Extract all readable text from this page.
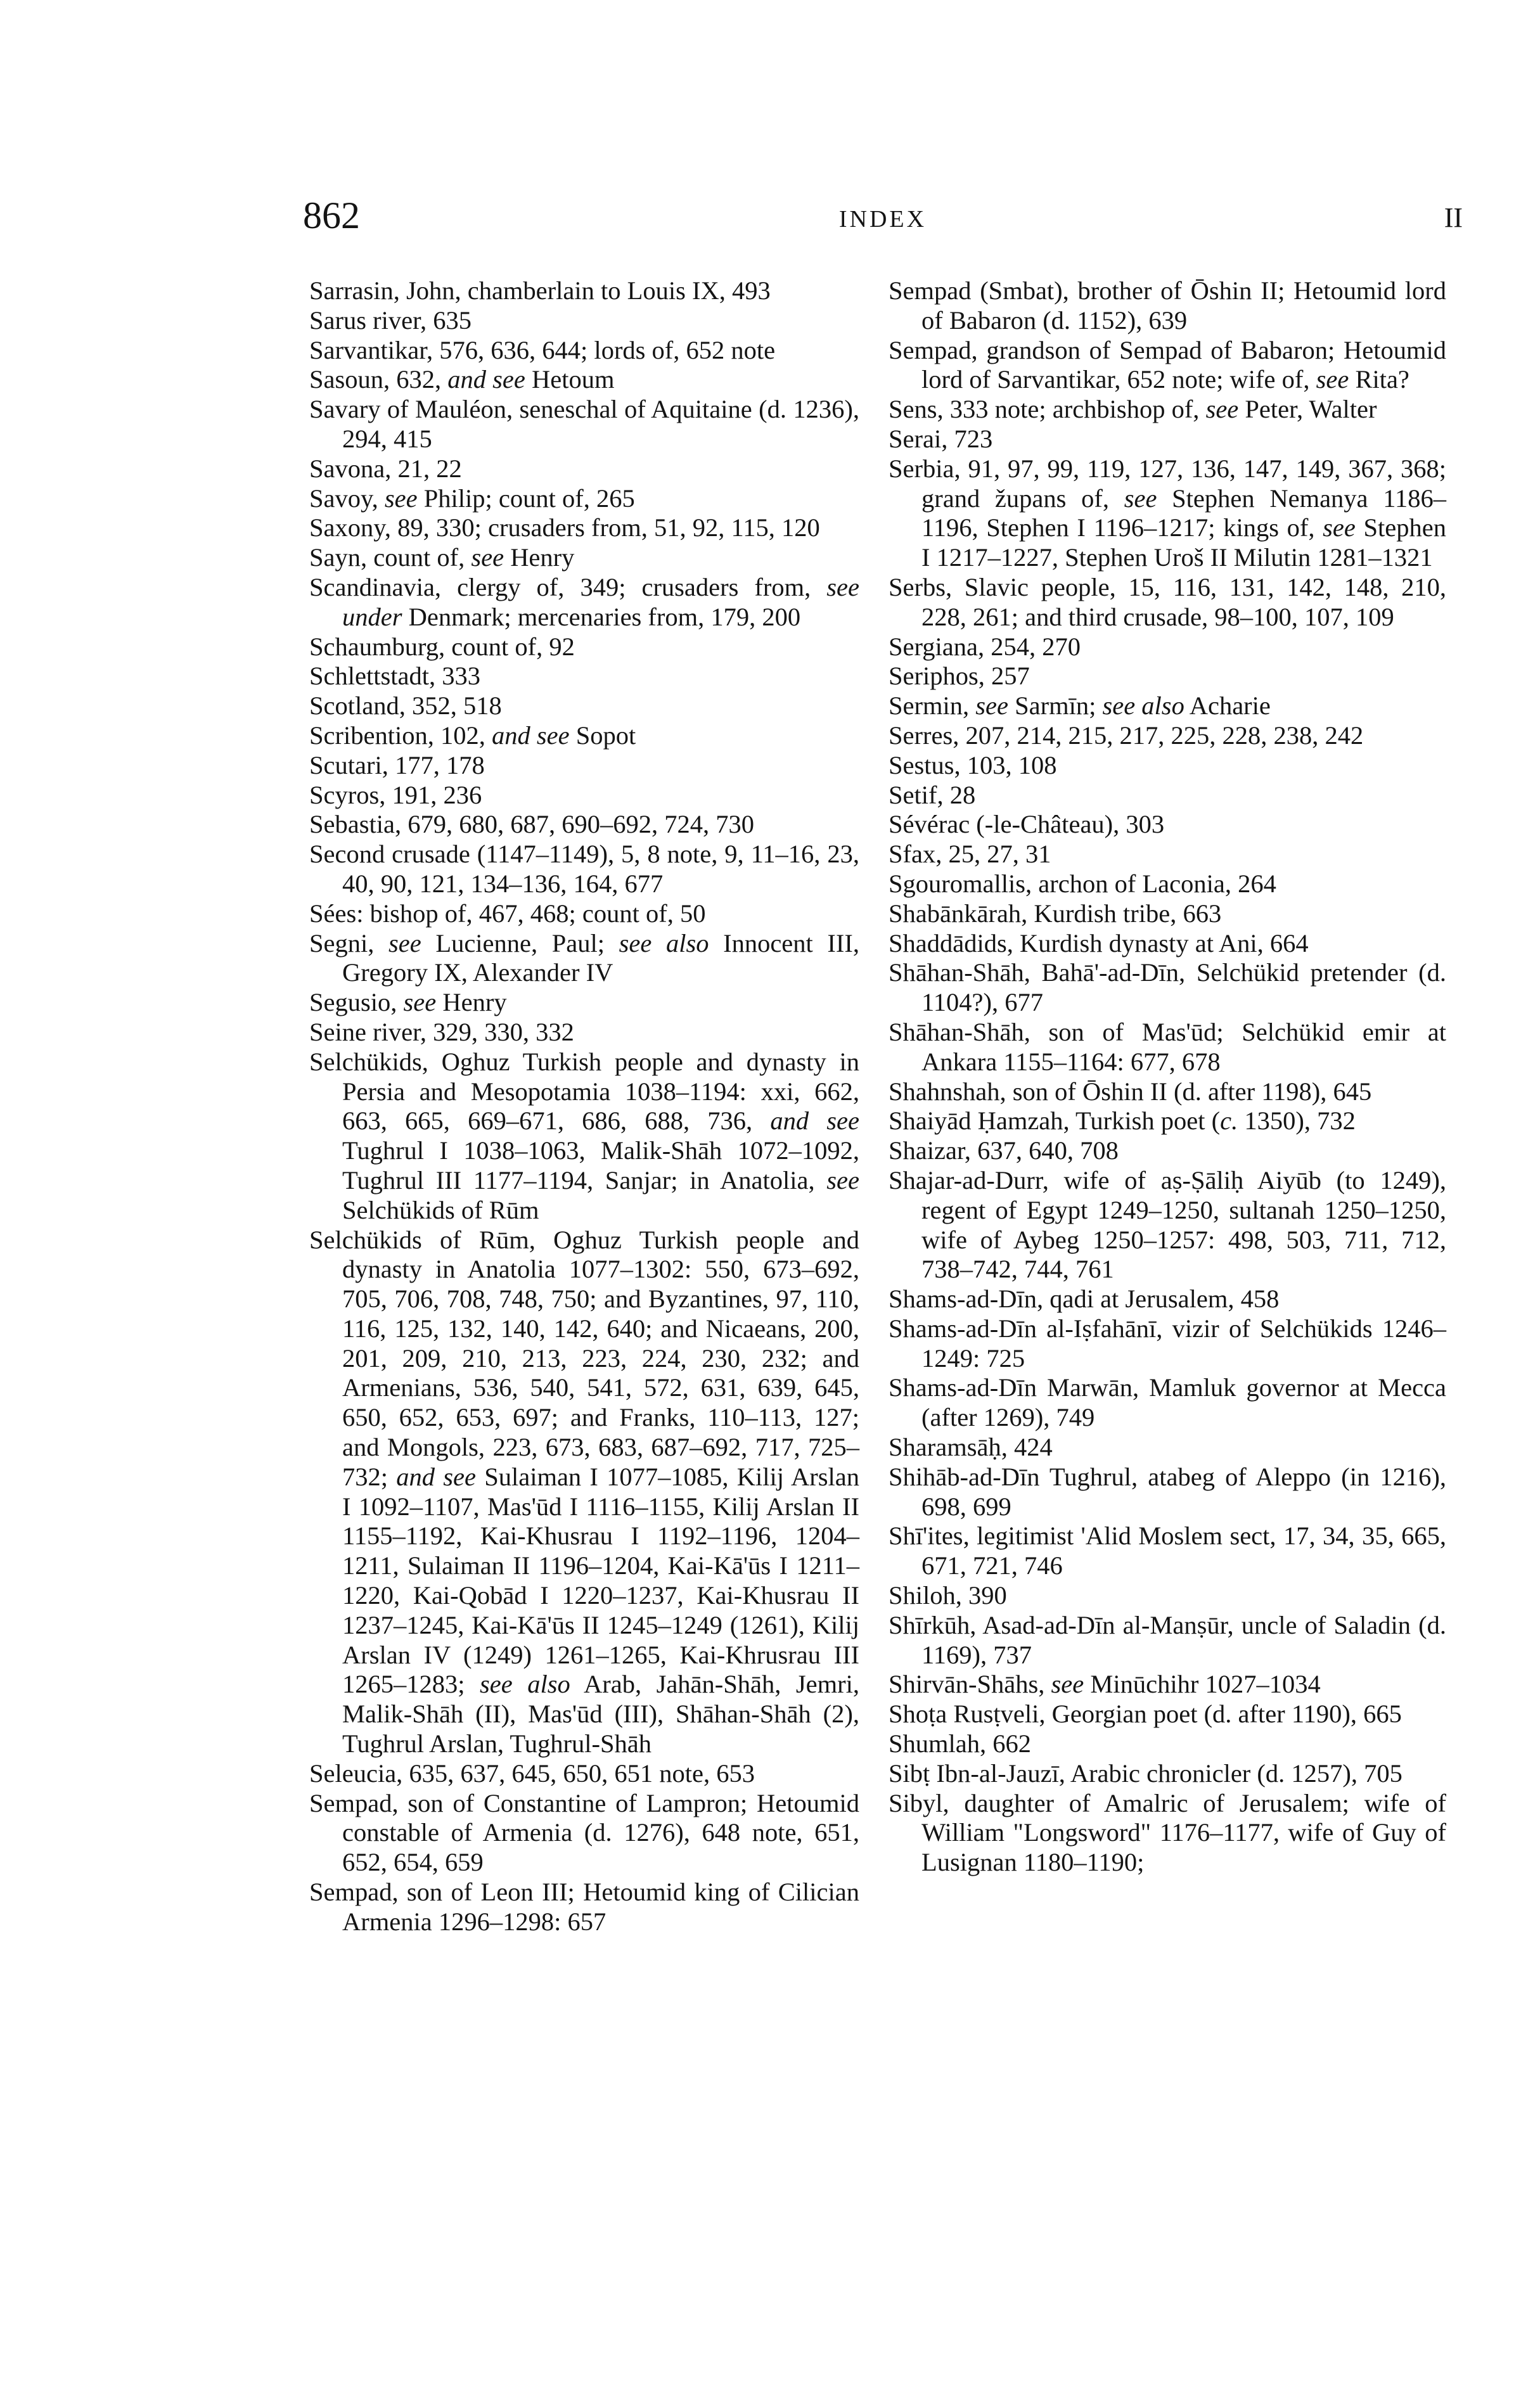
862	INDEX	II
Sarrasin, John, chamberlain to Louis IX, 493
Sarus river, 635
Sarvantikar, 576, 636, 644; lords of, 652 note
Sasoun, 632, and see Hetoum
Savary of Mauléon, seneschal of Aquitaine (d. 1236), 294, 415
Savona, 21, 22
Savoy, see Philip; count of, 265
Saxony, 89, 330; crusaders from, 51, 92, 115, 120
Sayn, count of, see Henry
Scandinavia, clergy of, 349; crusaders from, see under Denmark; mercenaries from, 179, 200
Schaumburg, count of, 92
Schlettstadt, 333
Scotland, 352, 518
Scribention, 102, and see Sopot
Scutari, 177, 178
Scyros, 191, 236
Sebastia, 679, 680, 687, 690–692, 724, 730
Second crusade (1147–1149), 5, 8 note, 9, 11–16, 23, 40, 90, 121, 134–136, 164, 677
Sées: bishop of, 467, 468; count of, 50
Segni, see Lucienne, Paul; see also Innocent III, Gregory IX, Alexander IV
Segusio, see Henry
Seine river, 329, 330, 332
Selchükids, Oghuz Turkish people and dynasty in Persia and Mesopotamia 1038–1194: xxi, 662, 663, 665, 669–671, 686, 688, 736, and see Tughrul I 1038–1063, Malik-Shāh 1072–1092, Tughrul III 1177–1194, Sanjar; in Anatolia, see Selchükids of Rūm
Selchükids of Rūm, Oghuz Turkish people and dynasty in Anatolia 1077–1302: 550, 673–692, 705, 706, 708, 748, 750; and Byzantines, 97, 110, 116, 125, 132, 140, 142, 640; and Nicaeans, 200, 201, 209, 210, 213, 223, 224, 230, 232; and Armenians, 536, 540, 541, 572, 631, 639, 645, 650, 652, 653, 697; and Franks, 110–113, 127; and Mongols, 223, 673, 683, 687–692, 717, 725–732; and see Sulaiman I 1077–1085, Kilij Arslan I 1092–1107, Mas'ūd I 1116–1155, Kilij Arslan II 1155–1192, Kai-Khusrau I 1192–1196, 1204–1211, Sulaiman II 1196–1204, Kai-Kā'ūs I 1211–1220, Kai-Qobād I 1220–1237, Kai-Khusrau II 1237–1245, Kai-Kā'ūs II 1245–1249 (1261), Kilij Arslan IV (1249) 1261–1265, Kai-Khrusrau III 1265–1283; see also Arab, Jahān-Shāh, Jemri, Malik-Shāh (II), Mas'ūd (III), Shāhan-Shāh (2), Tughrul Arslan, Tughrul-Shāh
Seleucia, 635, 637, 645, 650, 651 note, 653
Sempad, son of Constantine of Lampron; Hetoumid constable of Armenia (d. 1276), 648 note, 651, 652, 654, 659
Sempad, son of Leon III; Hetoumid king of Cilician Armenia 1296–1298: 657
Sempad (Smbat), brother of Ōshin II; Hetoumid lord of Babaron (d. 1152), 639
Sempad, grandson of Sempad of Babaron; Hetoumid lord of Sarvantikar, 652 note; wife of, see Rita?
Sens, 333 note; archbishop of, see Peter, Walter
Serai, 723
Serbia, 91, 97, 99, 119, 127, 136, 147, 149, 367, 368; grand župans of, see Stephen Nemanya 1186–1196, Stephen I 1196–1217; kings of, see Stephen I 1217–1227, Stephen Uroš II Milutin 1281–1321
Serbs, Slavic people, 15, 116, 131, 142, 148, 210, 228, 261; and third crusade, 98–100, 107, 109
Sergiana, 254, 270
Seriphos, 257
Sermin, see Sarmīn; see also Acharie
Serres, 207, 214, 215, 217, 225, 228, 238, 242
Sestus, 103, 108
Setif, 28
Sévérac (-le-Château), 303
Sfax, 25, 27, 31
Sgouromallis, archon of Laconia, 264
Shabānkārah, Kurdish tribe, 663
Shaddādids, Kurdish dynasty at Ani, 664
Shāhan-Shāh, Bahā'-ad-Dīn, Selchükid pretender (d. 1104?), 677
Shāhan-Shāh, son of Mas'ūd; Selchükid emir at Ankara 1155–1164: 677, 678
Shahnshah, son of Ōshin II (d. after 1198), 645
Shaiyād Ḥamzah, Turkish poet (c. 1350), 732
Shaizar, 637, 640, 708
Shajar-ad-Durr, wife of aṣ-Ṣāliḥ Aiyūb (to 1249), regent of Egypt 1249–1250, sultanah 1250–1250, wife of Aybeg 1250–1257: 498, 503, 711, 712, 738–742, 744, 761
Shams-ad-Dīn, qadi at Jerusalem, 458
Shams-ad-Dīn al-Iṣfahānī, vizir of Selchükids 1246–1249: 725
Shams-ad-Dīn Marwān, Mamluk governor at Mecca (after 1269), 749
Sharamsāḥ, 424
Shihāb-ad-Dīn Tughrul, atabeg of Aleppo (in 1216), 698, 699
Shī'ites, legitimist 'Alid Moslem sect, 17, 34, 35, 665, 671, 721, 746
Shiloh, 390
Shīrkūh, Asad-ad-Dīn al-Manṣūr, uncle of Saladin (d. 1169), 737
Shirvān-Shāhs, see Minūchihr 1027–1034
Shoṭa Rusṭveli, Georgian poet (d. after 1190), 665
Shumlah, 662
Sibṭ Ibn-al-Jauzī, Arabic chronicler (d. 1257), 705
Sibyl, daughter of Amalric of Jerusalem; wife of William "Longsword" 1176–1177, wife of Guy of Lusignan 1180–1190;
